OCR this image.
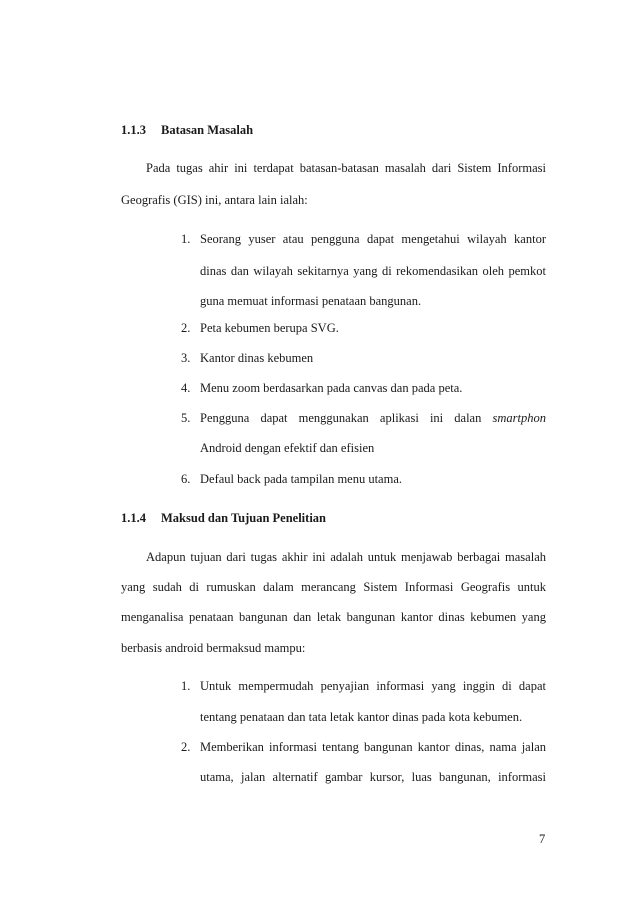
1.1.3 Batasan Masalah
Pada tugas ahir ini terdapat batasan-batasan masalah dari Sistem Informasi
Geografis (GIS) ini, antara lain ialah:
1. Seorang yuser atau pengguna dapat mengetahui wilayah kantor
dinas dan wilayah sekitarnya yang di rekomendasikan oleh pemkot
guna memuat informasi penataan bangunan.
2. Peta kebumen berupa SVG.
3. Kantor dinas kebumen
4. Menu zoom berdasarkan pada canvas dan pada peta.
5. Pengguna dapat menggunakan aplikasi ini dalan smartphon
Android dengan efektif dan efisien
6. Defaul back pada tampilan menu utama.
1.1.4 Maksud dan Tujuan Penelitian
Adapun tujuan dari tugas akhir ini adalah untuk menjawab berbagai masalah
yang sudah di rumuskan dalam merancang Sistem Informasi Geografis untuk
menganalisa penataan bangunan dan letak bangunan kantor dinas kebumen yang
berbasis android bermaksud mampu:
1. Untuk mempermudah penyajian informasi yang inggin di dapat
tentang penataan dan tata letak kantor dinas pada kota kebumen.
2. Memberikan informasi tentang bangunan kantor dinas, nama jalan
utama, jalan alternatif gambar kursor, luas bangunan, informasi
7
